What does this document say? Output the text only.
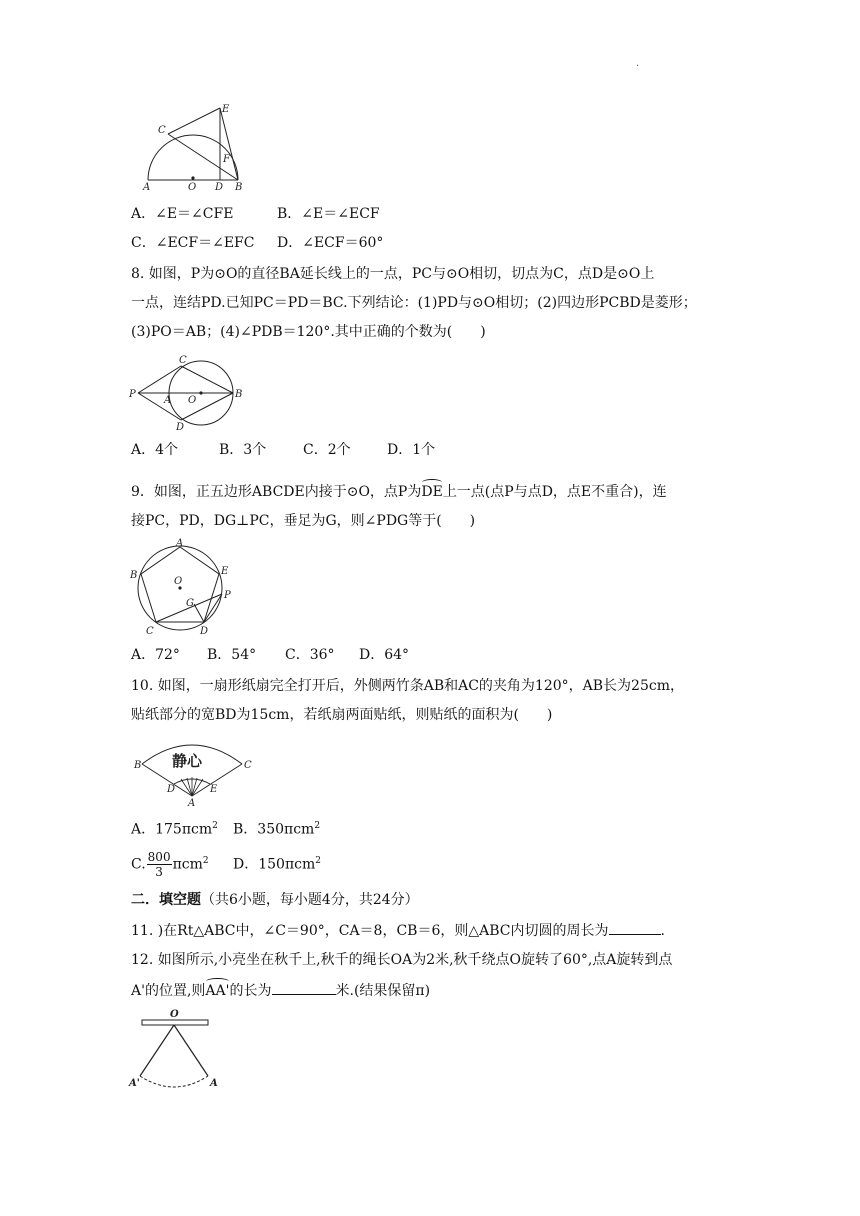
.
E
C
F
A	O D B
A．∠E＝∠CFE	B．∠E＝∠ECF
C．∠ECF＝∠EFC D．∠ECF＝60°
8. 如图，P为⊙O的直径BA延长线上的一点，PC与⊙O相切，切点为C，点D是⊙O上
一点，连结PD.已知PC＝PD＝BC.下列结论：(1)PD与⊙O相切；(2)四边形PCBD是菱形；
(3)PO＝AB；(4)∠PDB＝120°.其中正确的个数为(　　)
C
P
A O
B
D
A．4个	B．3个	C．2个	D．1个
9．如图，正五边形ABCDE内接于⊙O，点P为DE上一点(点P与点D，点E不重合)，连
接PC，PD，DG⊥PC，垂足为G，则∠PDG等于(　　)
A
B	E
O
G
P
C	D
A．72° B．54° C．36° D．64°
10. 如图，一扇形纸扇完全打开后，外侧两竹条AB和AC的夹角为120°，AB长为25cm，
贴纸部分的宽BD为15cm，若纸扇两面贴纸，则贴纸的面积为(　　)
静心
B	C
D	E
A
A．175πcm$^2$ B．350πcm$^2$
C. $\frac{800}{3} \pi cm^2$ D．150πcm$^2$
二．填空题（共6小题，每小题4分，共24分）
11. )在Rt△ABC中，∠C＝90°，CA＝8，CB＝6，则△ABC内切圆的周长为	.
12. 如图所示,小亮坐在秋千上,秋千的绳长OA为2米,秋千绕点O旋转了60°,点A旋转到点
A'的位置,则AA'的长为	米.(结果保留π)
O
A'	A
